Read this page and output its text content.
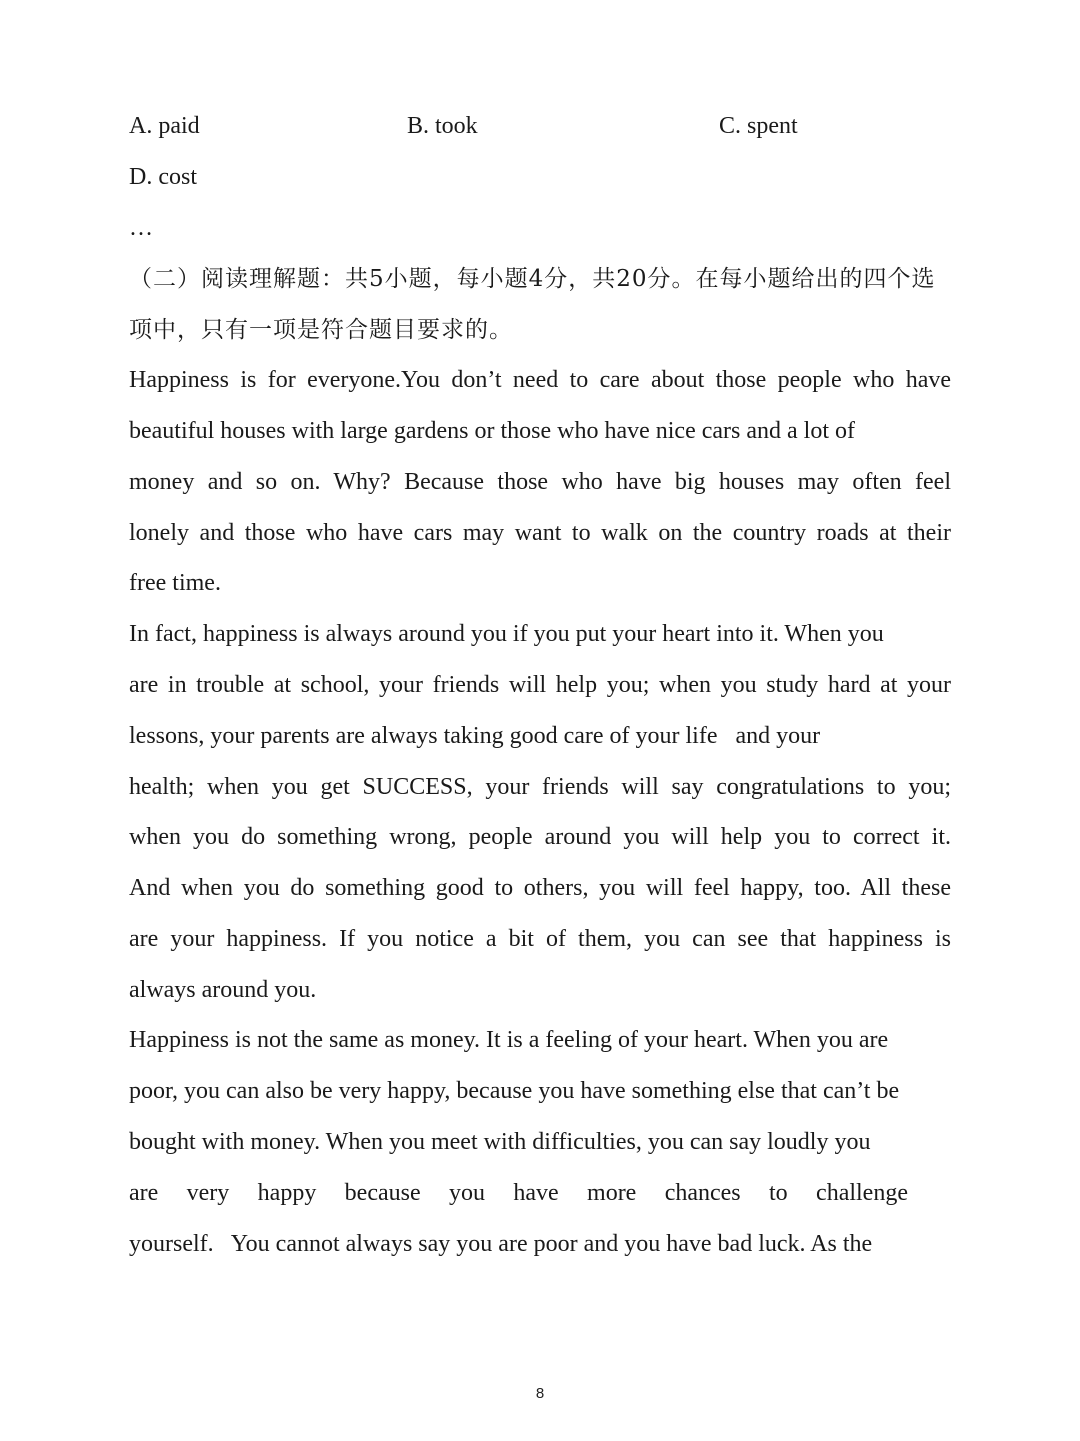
A. paid	B. took	C. spent
D. cost
…
（二）阅读理解题：共5小题，每小题4分，共20分。在每小题给出的四个选
项中，只有一项是符合题目要求的。
Happiness is for everyone.You don’t need to care about those people who have
beautiful houses with large gardens or those who have nice cars and a lot of
money and so on. Why? Because those who have big houses may often feel
lonely and those who have cars may want to walk on the country roads at their
free time.
In fact, happiness is always around you if you put your heart into it. When you
are in trouble at school, your friends will help you; when you study hard at your
lessons, your parents are always taking good care of your life   and your
health; when you get SUCCESS, your friends will say congratulations to you;
when you do something wrong, people around you will help you to correct it.
And when you do something good to others, you will feel happy, too. All these
are your happiness. If you notice a bit of them, you can see that happiness is
always around you.
Happiness is not the same as money. It is a feeling of your heart. When you are
poor, you can also be very happy, because you have something else that can’t be
bought with money. When you meet with difficulties, you can say loudly you
are very happy because you have more chances to challenge
yourself.   You cannot always say you are poor and you have bad luck. As the
8
